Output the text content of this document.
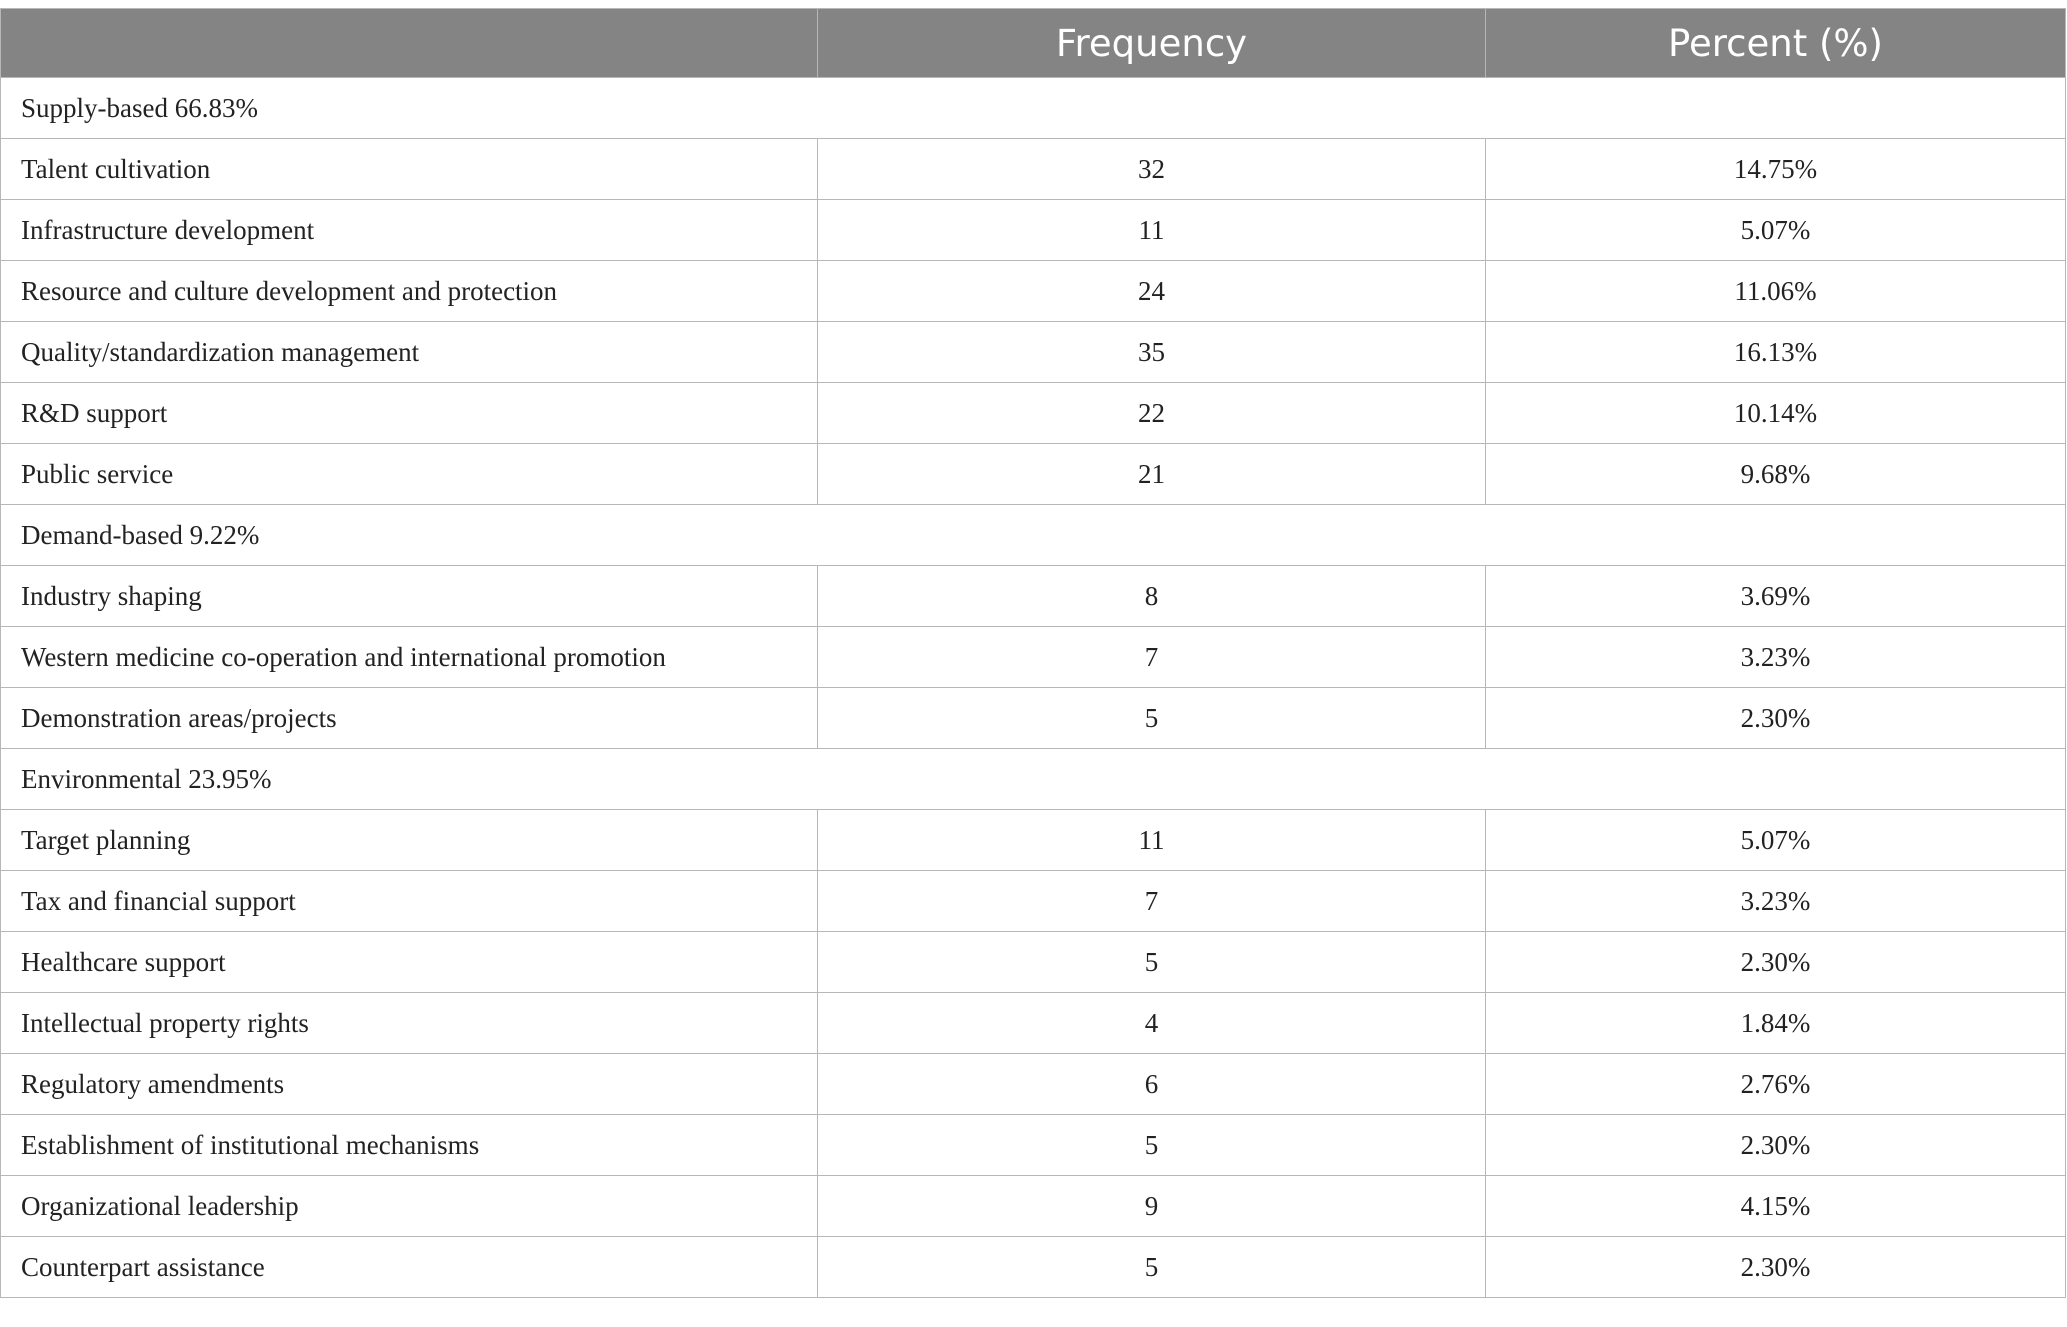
	Frequency	Percent (%)
Supply-based 66.83%		
Talent cultivation	32	14.75%
Infrastructure development	11	5.07%
Resource and culture development and protection	24	11.06%
Quality/standardization management	35	16.13%
R&D support	22	10.14%
Public service	21	9.68%
Demand-based 9.22%		
Industry shaping	8	3.69%
Western medicine co-operation and international promotion	7	3.23%
Demonstration areas/projects	5	2.30%
Environmental 23.95%		
Target planning	11	5.07%
Tax and financial support	7	3.23%
Healthcare support	5	2.30%
Intellectual property rights	4	1.84%
Regulatory amendments	6	2.76%
Establishment of institutional mechanisms	5	2.30%
Organizational leadership	9	4.15%
Counterpart assistance	5	2.30%
